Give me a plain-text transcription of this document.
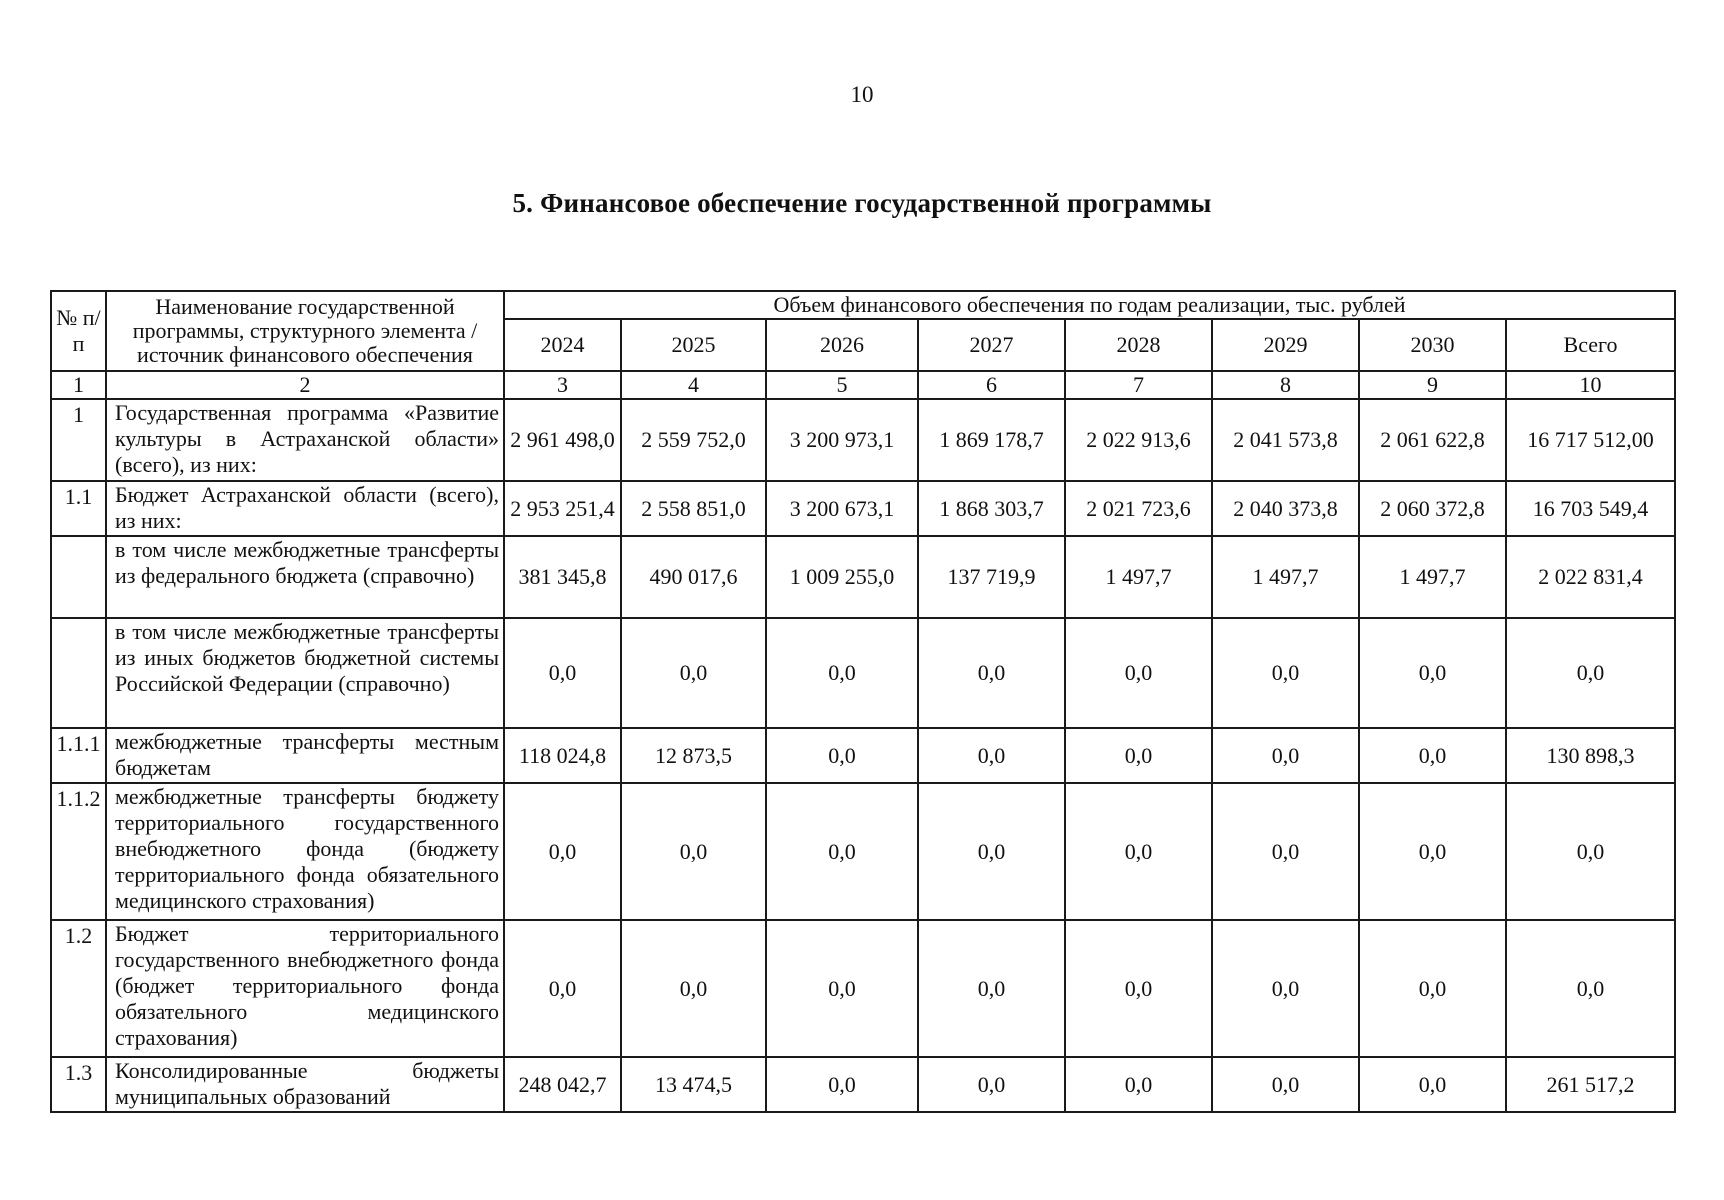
10
5. Финансовое обеспечение государственной программы
№ п/п	Наименование государственной программы, структурного элемента / источник финансового обеспечения	Объем финансового обеспечения по годам реализации, тыс. рублей							
		2024	2025	2026	2027	2028	2029	2030	Всего
1	2	3	4	5	6	7	8	9	10
1	Государственная программа «Развитие культуры в Астраханской области» (всего), из них:	2 961 498,0	2 559 752,0	3 200 973,1	1 869 178,7	2 022 913,6	2 041 573,8	2 061 622,8	16 717 512,00
1.1	Бюджет Астраханской области (всего), из них:	2 953 251,4	2 558 851,0	3 200 673,1	1 868 303,7	2 021 723,6	2 040 373,8	2 060 372,8	16 703 549,4
	в том числе межбюджетные трансферты из федерального бюджета (справочно)	381 345,8	490 017,6	1 009 255,0	137 719,9	1 497,7	1 497,7	1 497,7	2 022 831,4
	в том числе межбюджетные трансферты из иных бюджетов бюджетной системы Российской Федерации (справочно)	0,0	0,0	0,0	0,0	0,0	0,0	0,0	0,0
1.1.1	межбюджетные трансферты местным бюджетам	118 024,8	12 873,5	0,0	0,0	0,0	0,0	0,0	130 898,3
1.1.2	межбюджетные трансферты бюджету территориального государственного внебюджетного фонда (бюджету территориального фонда обязательного медицинского страхования)	0,0	0,0	0,0	0,0	0,0	0,0	0,0	0,0
1.2	Бюджет территориального государственного внебюджетного фонда (бюджет территориального фонда обязательного медицинского страхования)	0,0	0,0	0,0	0,0	0,0	0,0	0,0	0,0
1.3	Консолидированные бюджеты муниципальных образований	248 042,7	13 474,5	0,0	0,0	0,0	0,0	0,0	261 517,2
